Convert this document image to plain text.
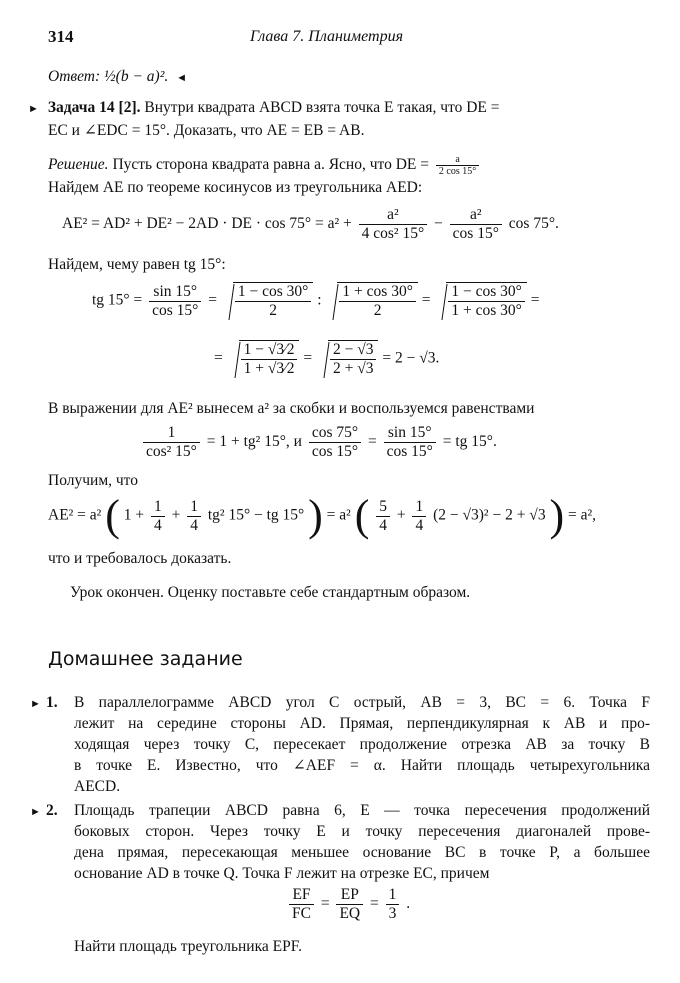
314	Глава 7. Планиметрия
Ответ: ½(b − a)². ◄
► Задача 14 [2]. Внутри квадрата ABCD взята точка E такая, что DE =
EC и ∠EDC = 15°. Доказать, что AE = EB = AB.
Решение. Пусть сторона квадрата равна a. Ясно, что DE = $\frac{a}{2 \cos 15^\circ}$
Найдем AE по теореме косинусов из треугольника AED:
AE² = AD² + DE² − 2AD · DE · $\cos 75^\circ = a^2 + \frac{\text{a²}}{\text{4 cos² 15°}} - \frac{\text{a²}}{\cos 15^\circ}$ cos 75°.
Найдем, чему равен tg 15°:
tg $15^\circ = \frac{\sin 15^\circ}{\cos 15^\circ} = \frac{1 - \cos 30^\circ}{2}$ : $\frac{1 + \cos 30^\circ}{2} = \frac{1 - \cos 30^\circ}{1 + \cos 30^\circ}$ =
= $\frac{1 - √3⁄2}{1 + √3⁄2} = \frac{2 - √3}{2 + √3} = 2 - √3$.
В выражении для AE² вынесем a² за скобки и воспользуемся равенствами
$\frac{1}{\text{cos² 15°}} = 1 + tg^2$ 15°, и $\frac{\cos 75^\circ}{\cos 15^\circ} = \frac{\sin 15^\circ}{\cos 15^\circ}$ = tg 15°.
Получим, что
AE² = a² ( $1 + \frac{1}{4} + \frac{1}{4} tg^2$ 15° − tg 15° ) = a² ( $\frac{5}{4} + \frac{1}{4} (2 - √3)^2 - 2 + √3$ ) = a²,
что и требовалось доказать.
Урок окончен. Оценку поставьте себе стандартным образом.
Домашнее задание
► 1. В параллелограмме ABCD угол C острый, AB = 3, BC = 6. Точка F
лежит на середине стороны AD. Прямая, перпендикулярная к AB и про-
ходящая через точку C, пересекает продолжение отрезка AB за точку B
в точке E. Известно, что ∠AEF = α. Найти площадь четырехугольника
AECD.
► 2. Площадь трапеции ABCD равна 6, E — точка пересечения продолжений
боковых сторон. Через точку E и точку пересечения диагоналей прове-
дена прямая, пересекающая меньшее основание BC в точке P, а большее
основание AD в точке Q. Точка F лежит на отрезке EC, причем
$\frac{EF}{FC} = \frac{EP}{EQ} = \frac{1}{3}$ .
Найти площадь треугольника EPF.
